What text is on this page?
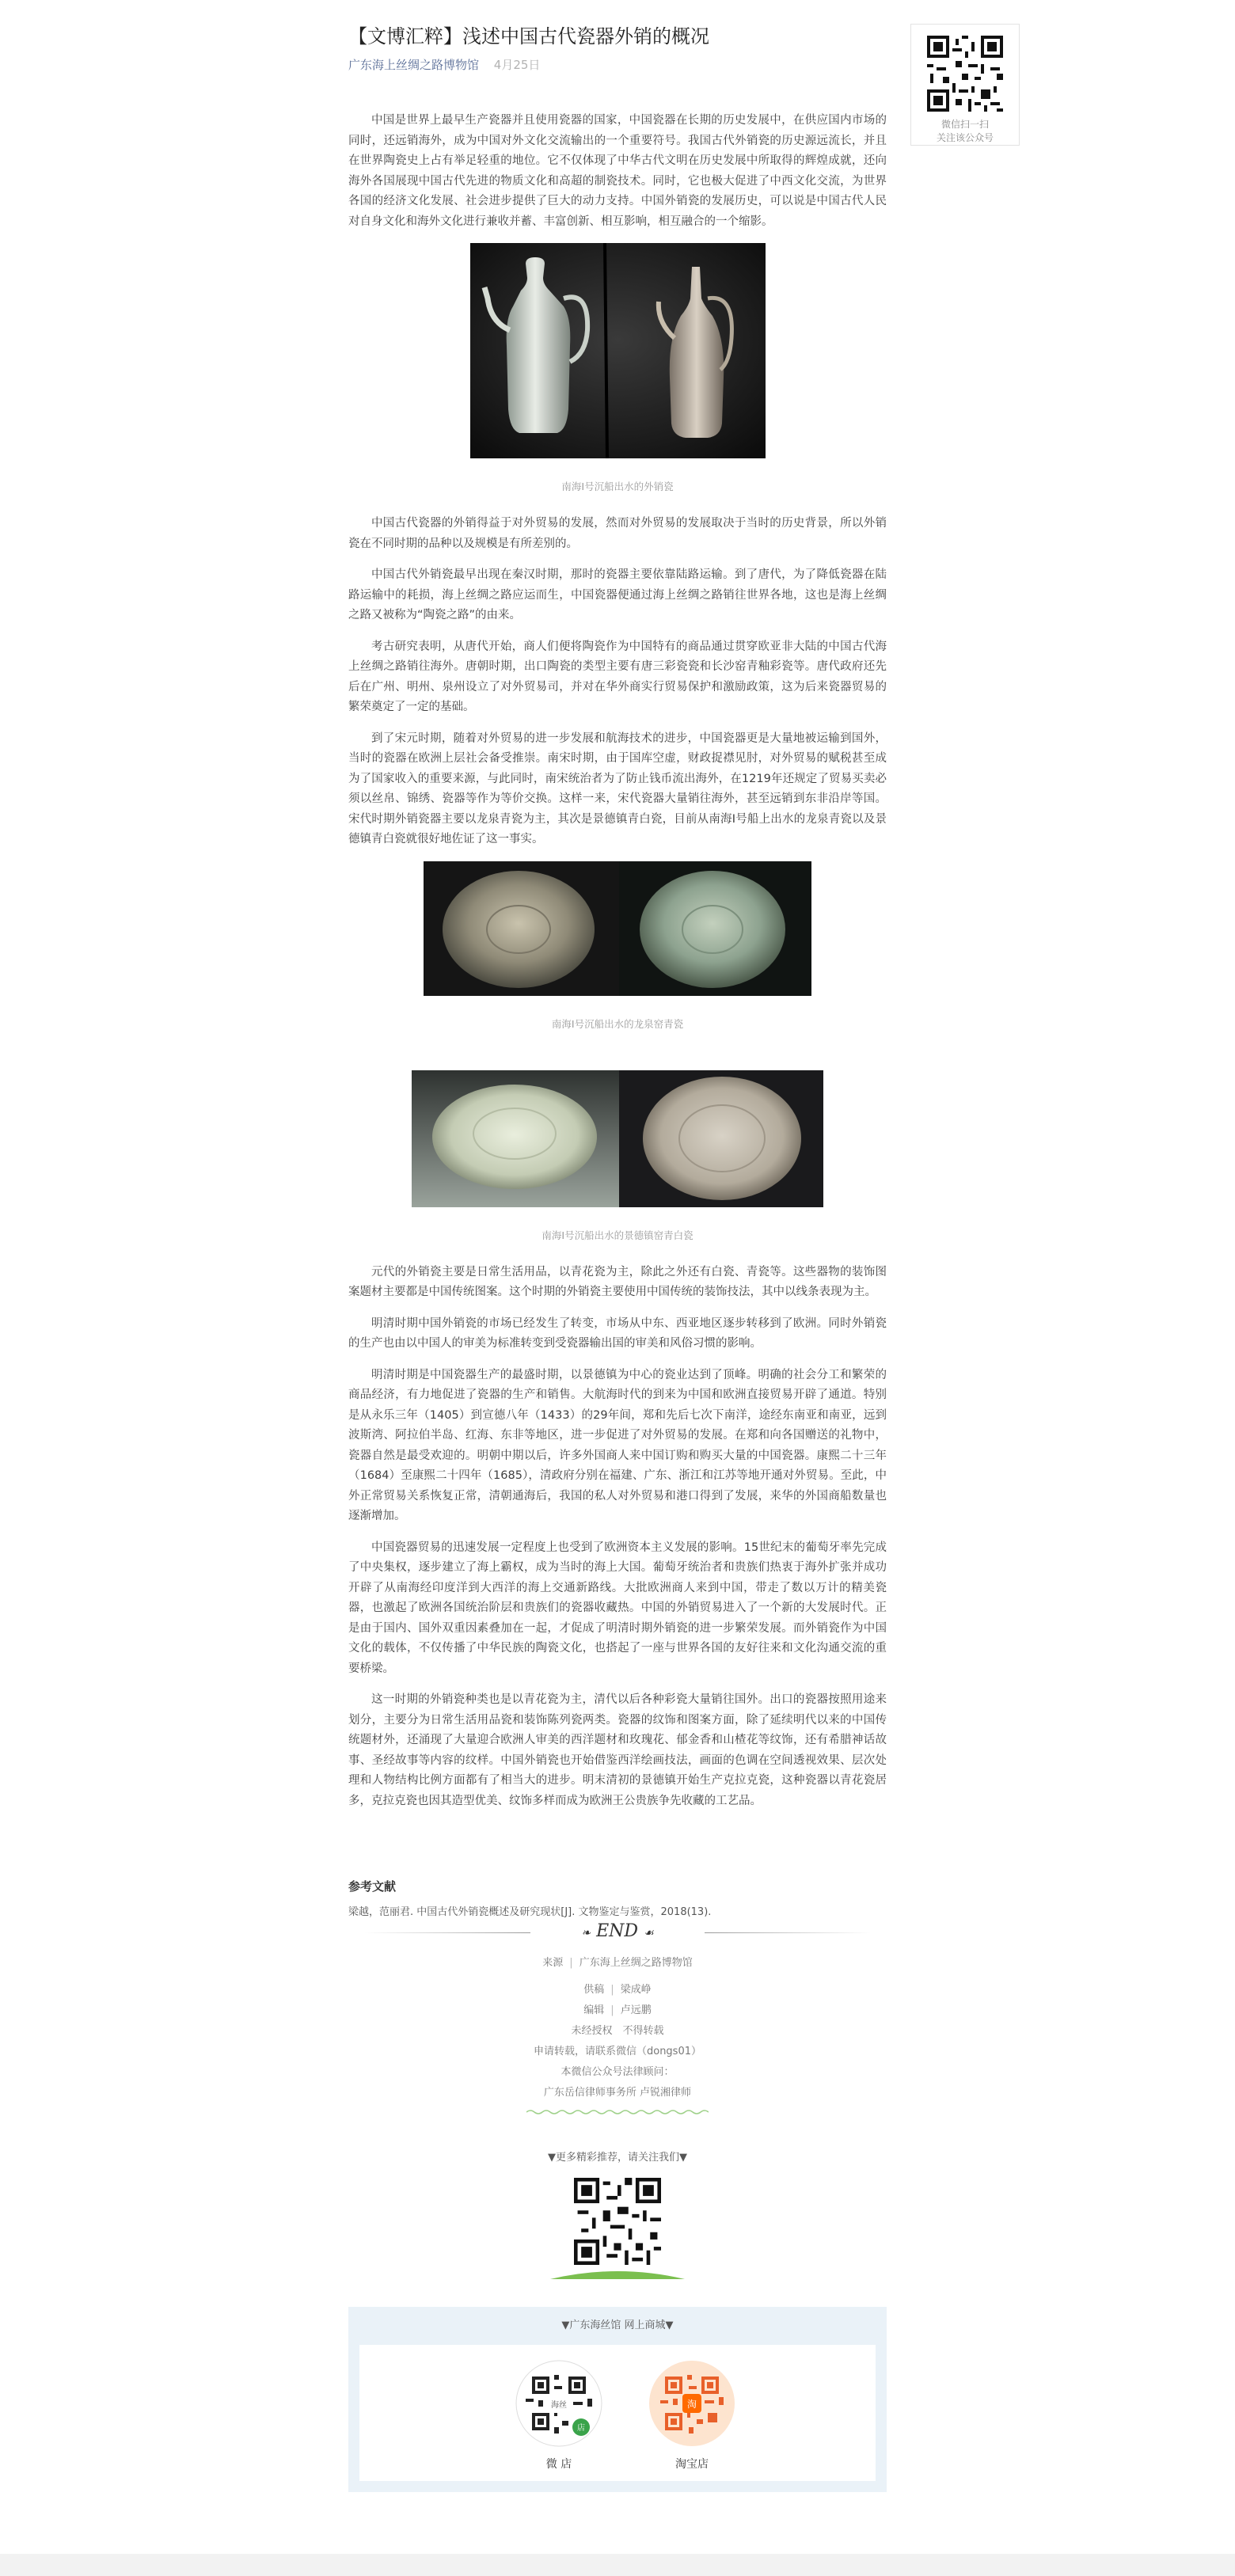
【文博汇粹】浅述中国古代瓷器外销的概况
广东海上丝绸之路博物馆 4月25日

中国是世界上最早生产瓷器并且使用瓷器的国家，中国瓷器在长期的历史发展中，在供应国内市场的同时，还远销海外，成为中国对外文化交流输出的一个重要符号。我国古代外销瓷的历史源远流长，并且在世界陶瓷史上占有举足轻重的地位。它不仅体现了中华古代文明在历史发展中所取得的辉煌成就，还向海外各国展现中国古代先进的物质文化和高超的制瓷技术。同时，它也极大促进了中西文化交流，为世界各国的经济文化发展、社会进步提供了巨大的动力支持。中国外销瓷的发展历史，可以说是中国古代人民对自身文化和海外文化进行兼收并蓄、丰富创新、相互影响，相互融合的一个缩影。

南海I号沉船出水的外销瓷

中国古代瓷器的外销得益于对外贸易的发展，然而对外贸易的发展取决于当时的历史背景，所以外销瓷在不同时期的品种以及规模是有所差别的。

中国古代外销瓷最早出现在秦汉时期，那时的瓷器主要依靠陆路运输。到了唐代，为了降低瓷器在陆路运输中的耗损，海上丝绸之路应运而生，中国瓷器便通过海上丝绸之路销往世界各地，这也是海上丝绸之路又被称为“陶瓷之路”的由来。

考古研究表明，从唐代开始，商人们便将陶瓷作为中国特有的商品通过贯穿欧亚非大陆的中国古代海上丝绸之路销往海外。唐朝时期，出口陶瓷的类型主要有唐三彩瓷瓷和长沙窑青釉彩瓷等。唐代政府还先后在广州、明州、泉州设立了对外贸易司，并对在华外商实行贸易保护和激励政策，这为后来瓷器贸易的繁荣奠定了一定的基础。

到了宋元时期，随着对外贸易的进一步发展和航海技术的进步，中国瓷器更是大量地被运输到国外，当时的瓷器在欧洲上层社会备受推崇。南宋时期，由于国库空虚，财政捉襟见肘，对外贸易的赋税甚至成为了国家收入的重要来源，与此同时，南宋统治者为了防止钱币流出海外，在1219年还规定了贸易买卖必须以丝帛、锦绣、瓷器等作为等价交换。这样一来，宋代瓷器大量销往海外，甚至远销到东非沿岸等国。宋代时期外销瓷器主要以龙泉青瓷为主，其次是景德镇青白瓷，目前从南海I号船上出水的龙泉青瓷以及景德镇青白瓷就很好地佐证了这一事实。

南海I号沉船出水的龙泉窑青瓷
南海I号沉船出水的景德镇窑青白瓷

元代的外销瓷主要是日常生活用品，以青花瓷为主，除此之外还有白瓷、青瓷等。这些器物的装饰图案题材主要都是中国传统图案。这个时期的外销瓷主要使用中国传统的装饰技法，其中以线条表现为主。

明清时期中国外销瓷的市场已经发生了转变，市场从中东、西亚地区逐步转移到了欧洲。同时外销瓷的生产也由以中国人的审美为标准转变到受瓷器输出国的审美和风俗习惯的影响。

明清时期是中国瓷器生产的最盛时期，以景德镇为中心的瓷业达到了顶峰。明确的社会分工和繁荣的商品经济，有力地促进了瓷器的生产和销售。大航海时代的到来为中国和欧洲直接贸易开辟了通道。特别是从永乐三年（1405）到宣德八年（1433）的29年间，郑和先后七次下南洋，途经东南亚和南亚，远到波斯湾、阿拉伯半岛、红海、东非等地区，进一步促进了对外贸易的发展。在郑和向各国赠送的礼物中，瓷器自然是最受欢迎的。明朝中期以后，许多外国商人来中国订购和购买大量的中国瓷器。康熙二十三年（1684）至康熙二十四年（1685），清政府分别在福建、广东、浙江和江苏等地开通对外贸易。至此，中外正常贸易关系恢复正常，清朝通海后，我国的私人对外贸易和港口得到了发展，来华的外国商船数量也逐渐增加。

中国瓷器贸易的迅速发展一定程度上也受到了欧洲资本主义发展的影响。15世纪末的葡萄牙率先完成了中央集权，逐步建立了海上霸权，成为当时的海上大国。葡萄牙统治者和贵族们热衷于海外扩张并成功开辟了从南海经印度洋到大西洋的海上交通新路线。大批欧洲商人来到中国，带走了数以万计的精美瓷器，也激起了欧洲各国统治阶层和贵族们的瓷器收藏热。中国的外销贸易进入了一个新的大发展时代。正是由于国内、国外双重因素叠加在一起，才促成了明清时期外销瓷的进一步繁荣发展。而外销瓷作为中国文化的载体，不仅传播了中华民族的陶瓷文化，也搭起了一座与世界各国的友好往来和文化沟通交流的重要桥梁。

这一时期的外销瓷种类也是以青花瓷为主，清代以后各种彩瓷大量销往国外。出口的瓷器按照用途来划分，主要分为日常生活用品瓷和装饰陈列瓷两类。瓷器的纹饰和图案方面，除了延续明代以来的中国传统题材外，还涌现了大量迎合欧洲人审美的西洋题材和玫瑰花、郁金香和山楂花等纹饰，还有希腊神话故事、圣经故事等内容的纹样。中国外销瓷也开始借鉴西洋绘画技法，画面的色调在空间透视效果、层次处理和人物结构比例方面都有了相当大的进步。明末清初的景德镇开始生产克拉克瓷，这种瓷器以青花瓷居多，克拉克瓷也因其造型优美、纹饰多样而成为欧洲王公贵族争先收藏的工艺品。

参考文献
梁越，范丽君. 中国古代外销瓷概述及研究现状[J]. 文物鉴定与鉴赏，2018(13).
微信扫一扫
关注该公众号
❧ END ☙
来源 | 广东海上丝绸之路博物馆
供稿 | 梁成峥
编辑 | 卢远鹏
未经授权　不得转载
申请转载，请联系微信（dongs01）
本微信公众号法律顾问：
广东岳信律师事务所 卢锐湘律师
▼更多精彩推荐，请关注我们▼
▼广东海丝馆 网上商城▼
海丝
店
微 店
淘
淘宝店
